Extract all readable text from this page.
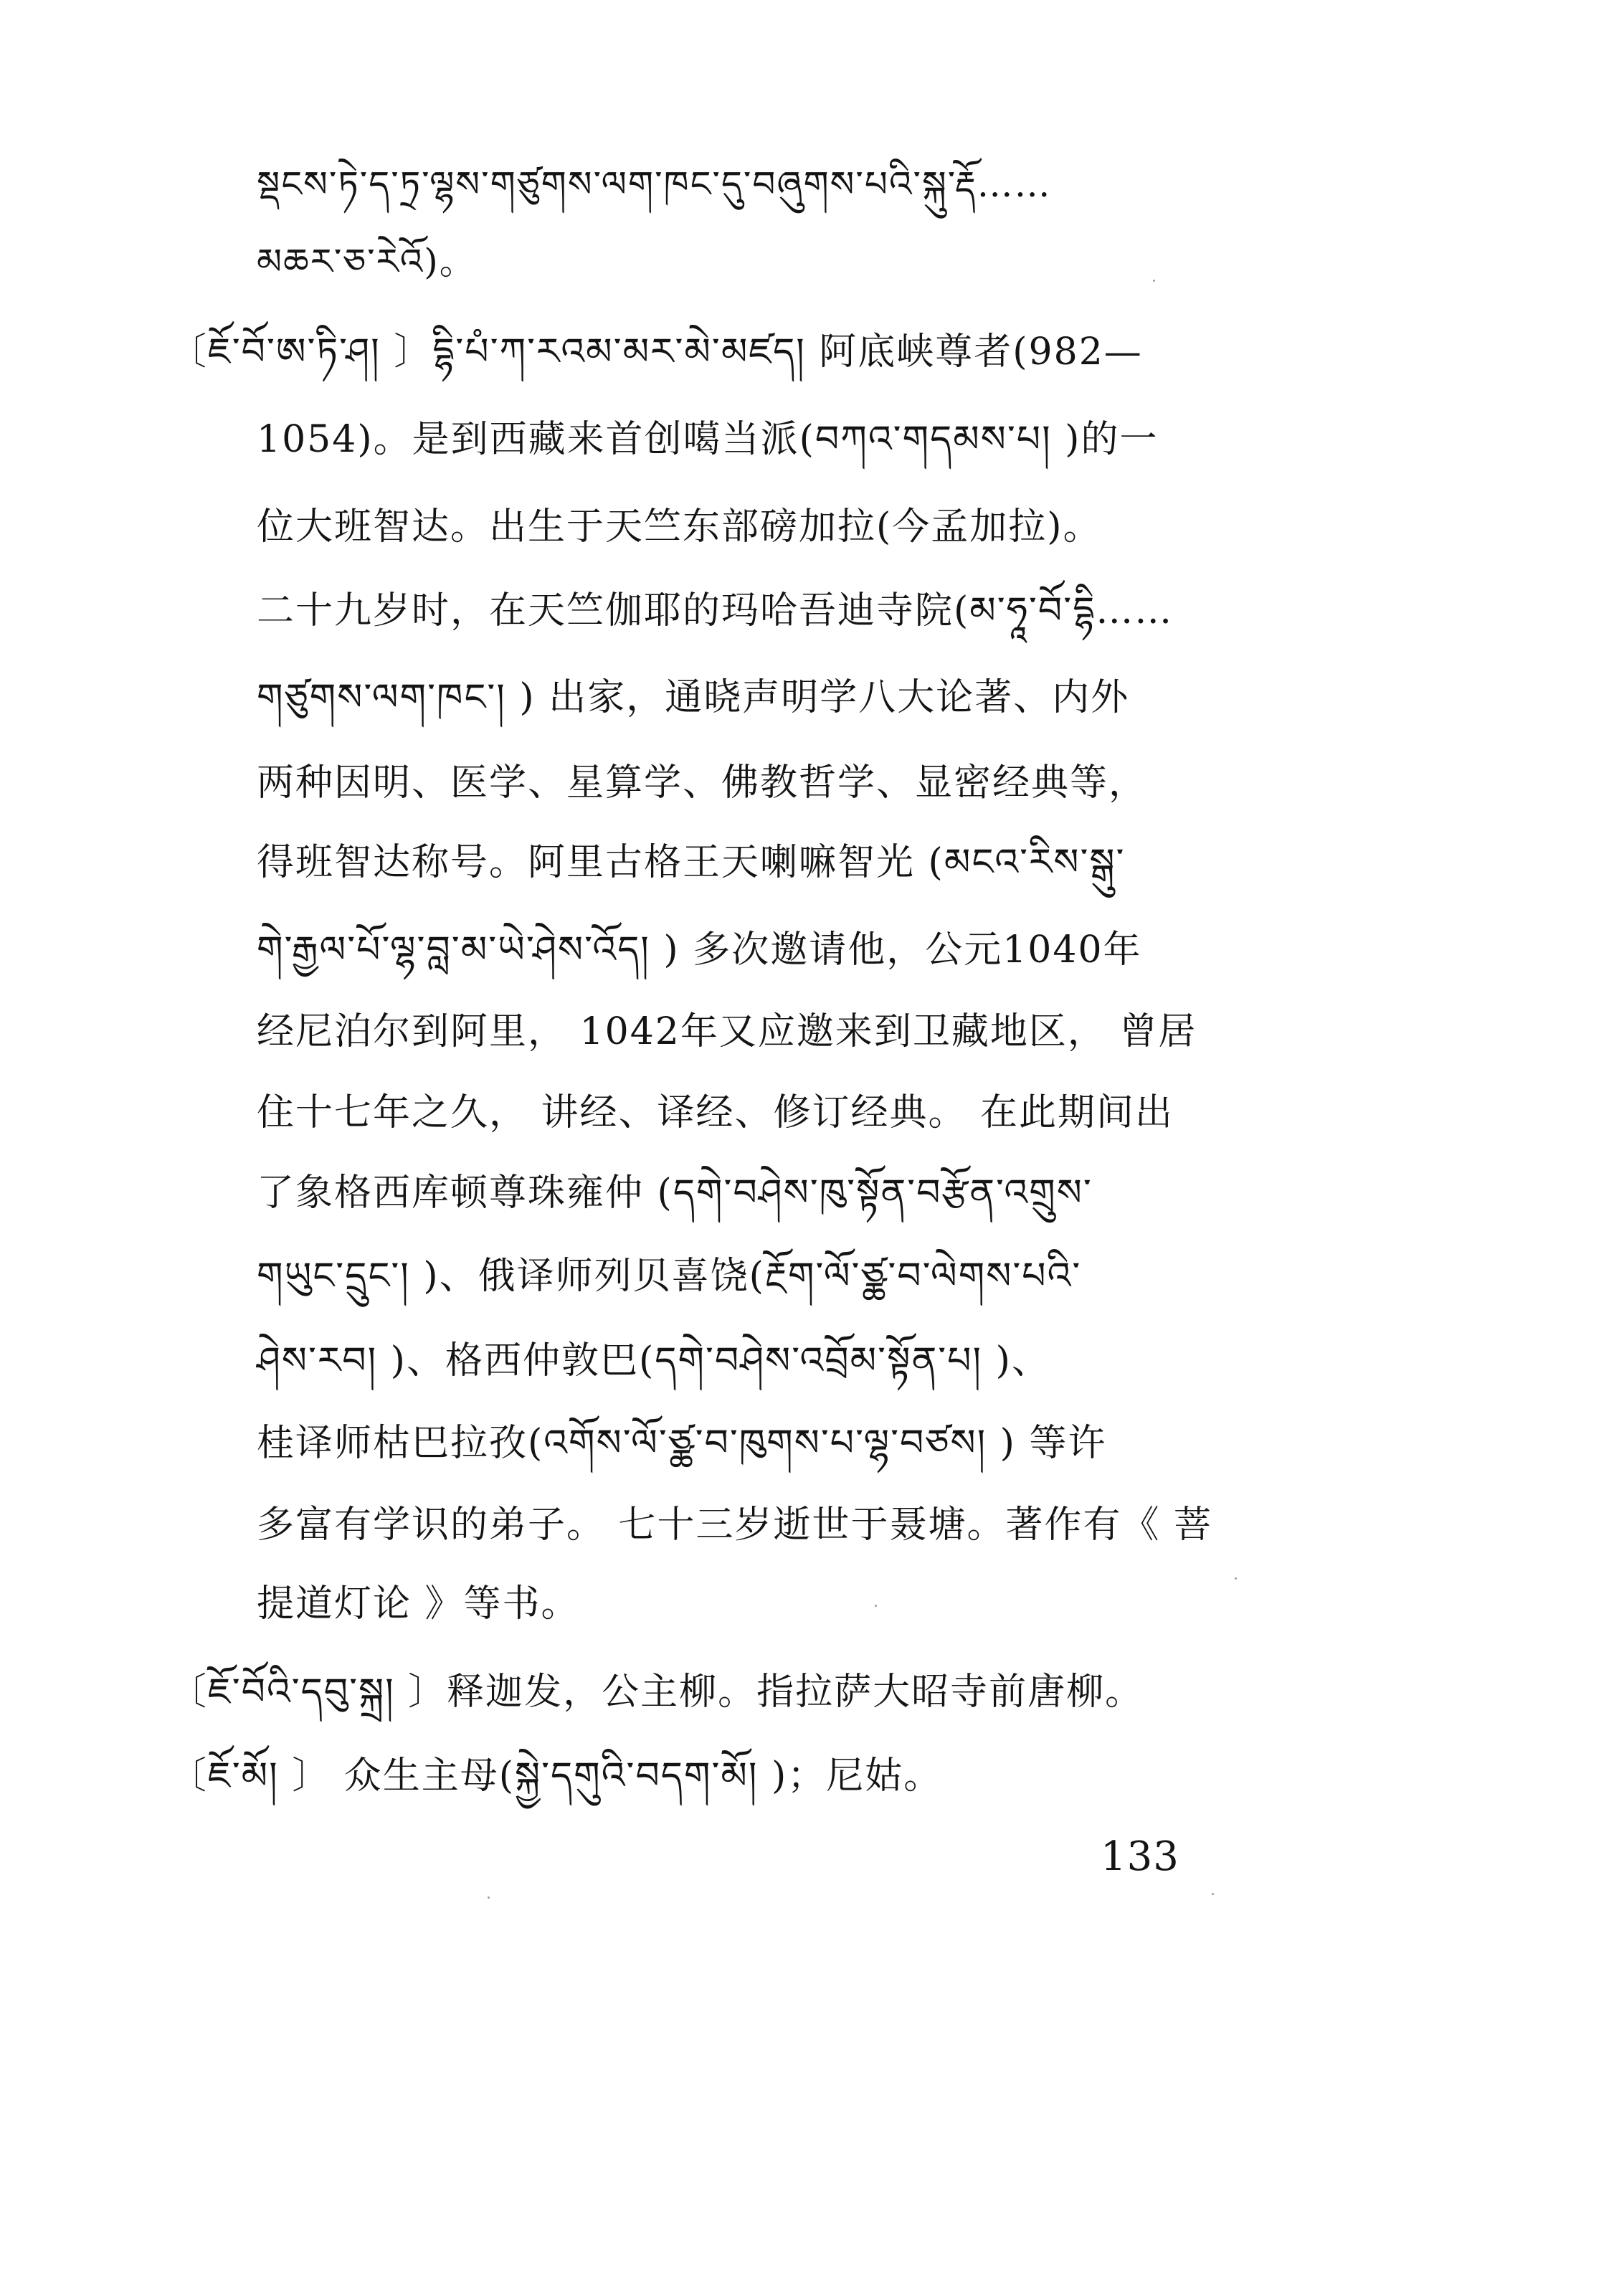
སྡངས་ཏེ་ད་ཏྲ་ལྷས་གཙུགས་ལག་ཁང་དུ་བཞུགས་པའི་སྐུ་རྡོ……
མཆར་ཅ་རེའོ)。
〔ཇོ་བོ་ཨ་ཏི་ཤ། 〕དྷི་པཾ་ཀ་རའམ་མར་མེ་མཛད། 阿底峡尊者(982—
1054)。是到西藏来首创噶当派(བཀའ་གདམས་པ། )的一
位大班智达。出生于天竺东部磅加拉(今孟加拉)。
二十九岁时，在天竺伽耶的玛哈吾迪寺院(མ་ཧཱ་བོ་དྷི……
གཙུགས་ལག་ཁང་། ) 出家，通晓声明学八大论著、内外
两种因明、医学、星算学、佛教哲学、显密经典等，
得班智达称号。阿里古格王天喇嘛智光 (མངའ་རིས་སྒུ་
གེ་རྒྱལ་པོ་ལྷ་བླ་མ་ཡེ་ཤེས་འོད། ) 多次邀请他，公元1040年
经尼泊尔到阿里， 1042年又应邀来到卫藏地区， 曾居
住十七年之久， 讲经、译经、修订经典。 在此期间出
了象格西库顿尊珠雍仲 (དགེ་བཤེས་ཁུ་སྟོན་བརྩོན་འགྲུས་
གཡུང་དྲུང་། )、俄译师列贝喜饶(རྔོག་ལོ་ཙྪ་བ་ལེགས་པའི་
ཤེས་རབ། )、格西仲敦巴(དགེ་བཤེས་འབྲོམ་སྟོན་པ། )、
桂译师枯巴拉孜(འགོས་ལོ་ཙྪ་བ་ཁུགས་པ་ལྷ་བཙས། ) 等许
多富有学识的弟子。 七十三岁逝世于聂塘。著作有《 菩
提道灯论 》等书。
〔ཇོ་བོའི་དབུ་སྐྲ། 〕释迦发，公主柳。指拉萨大昭寺前唐柳。
〔ཇོ་མོ། 〕 众生主母(སྐྱེ་དགུའི་བདག་མོ། )；尼姑。
133
